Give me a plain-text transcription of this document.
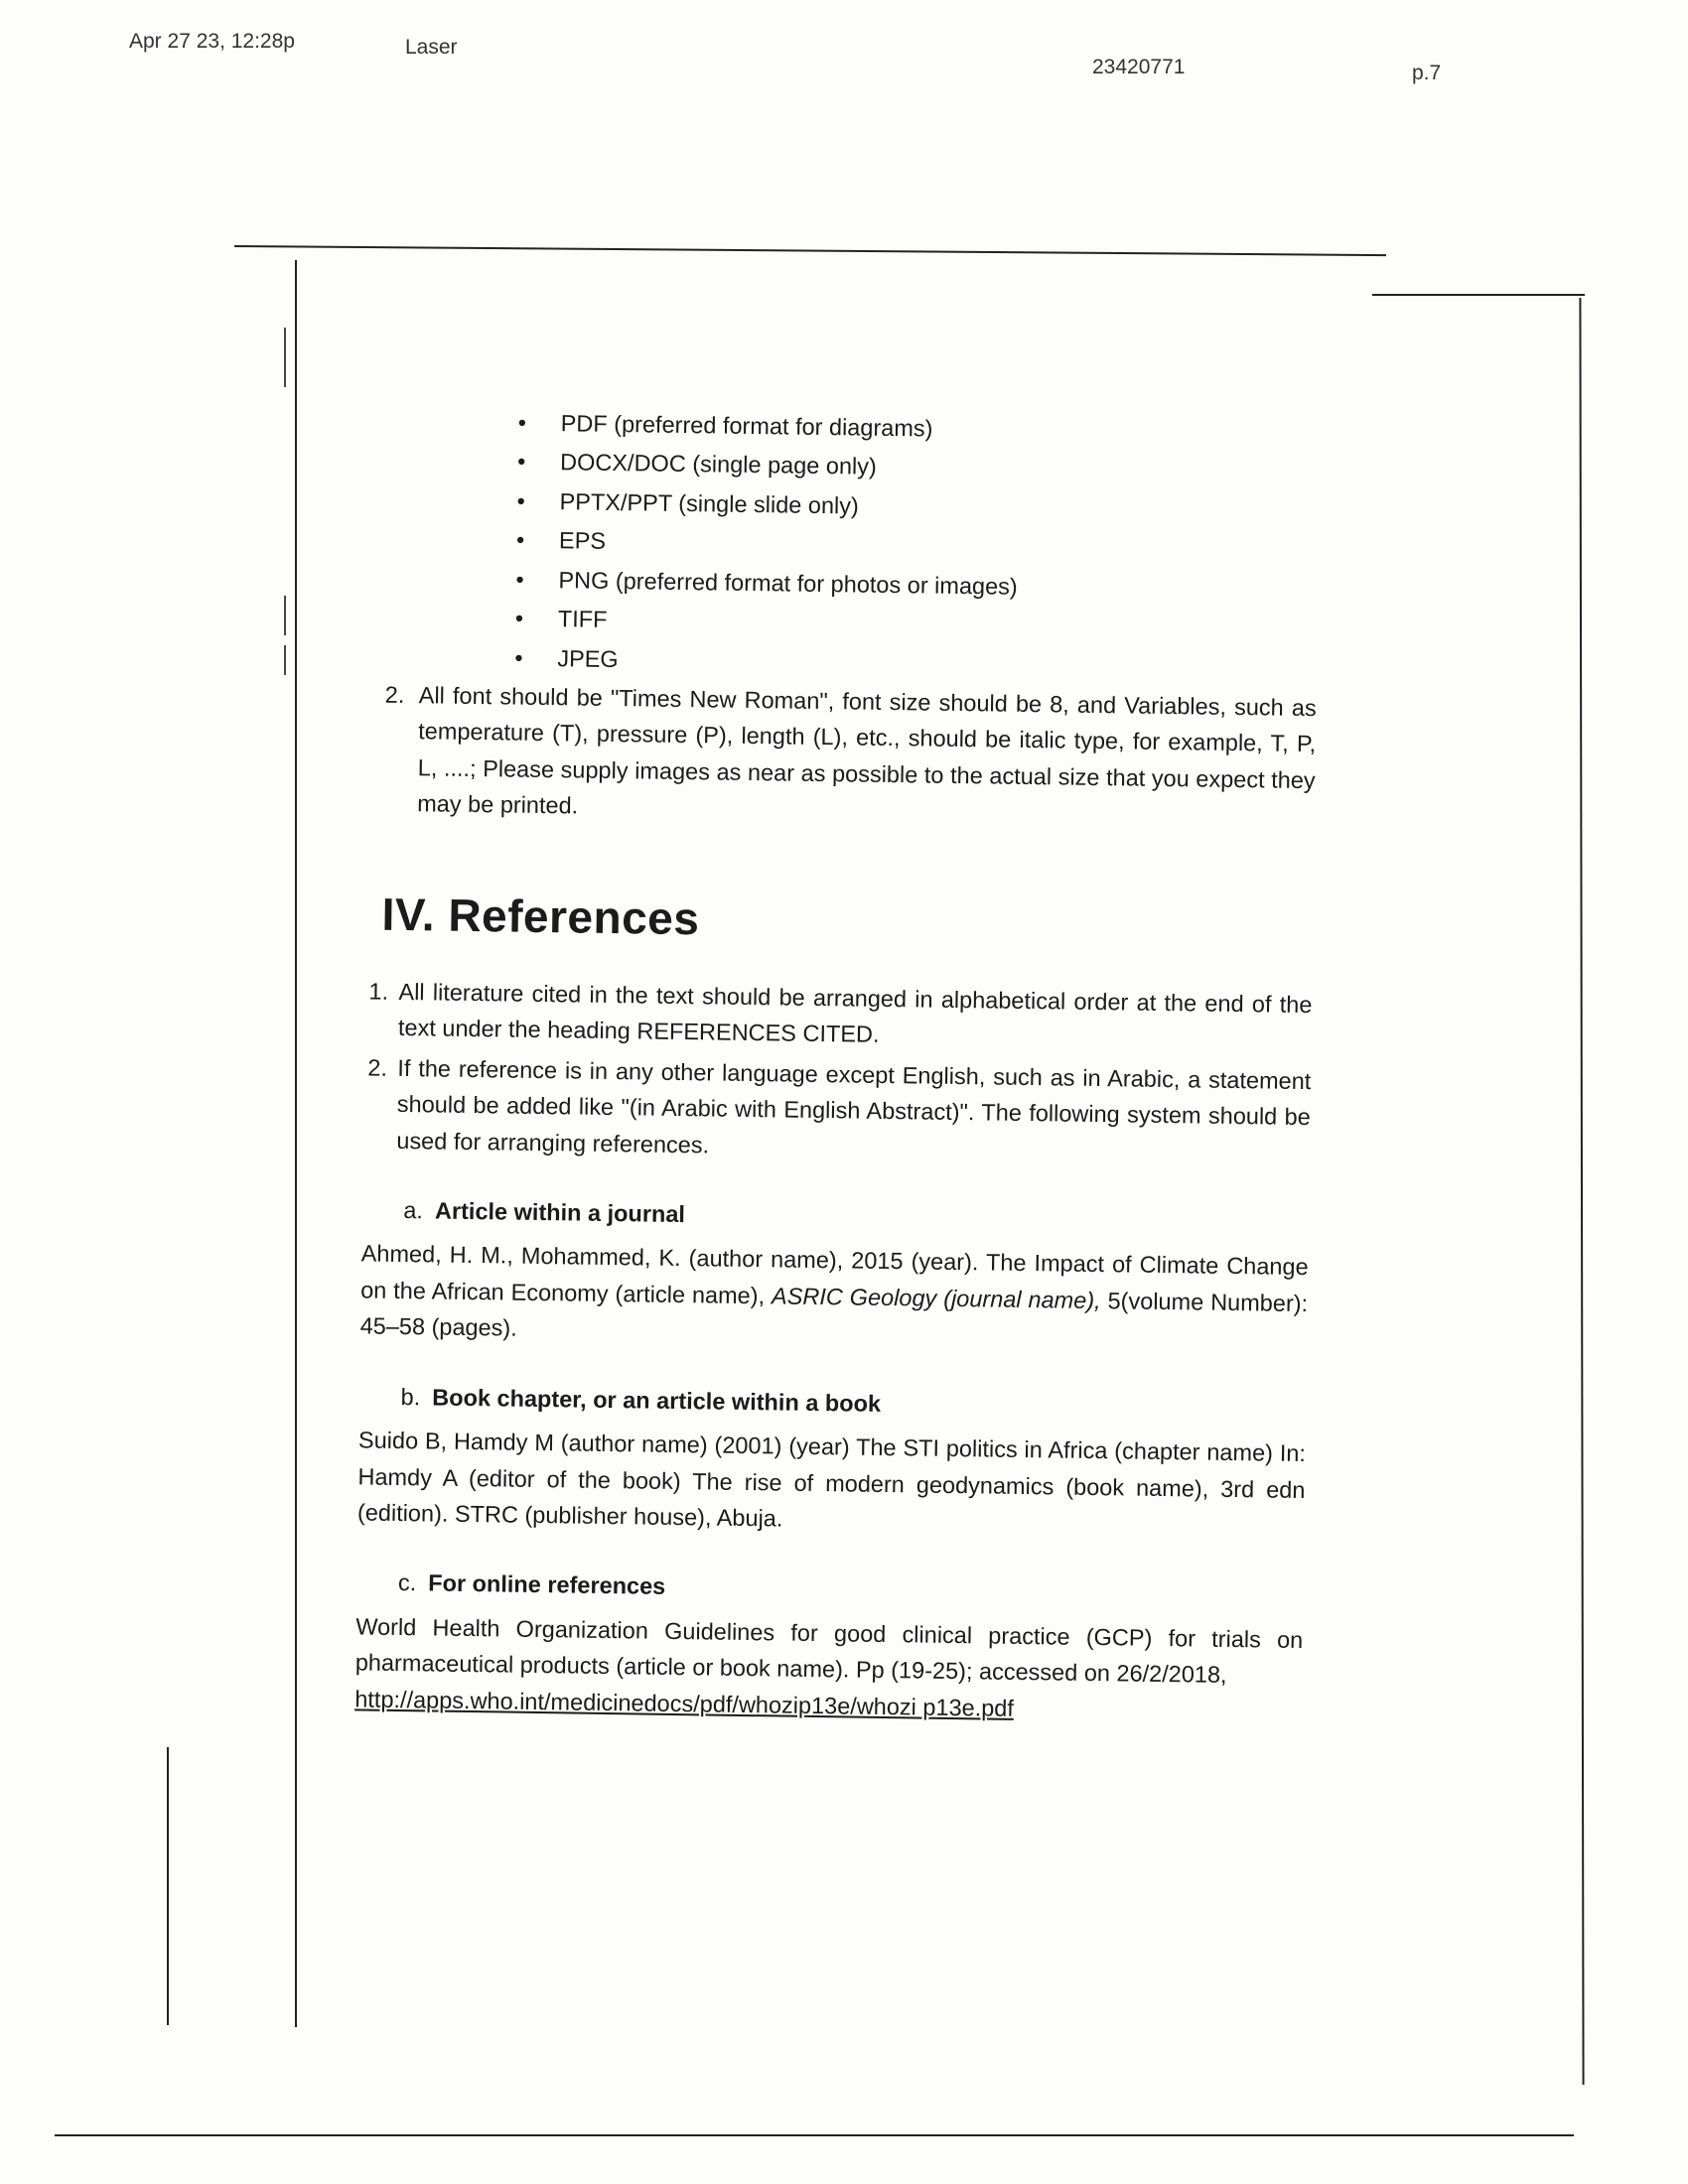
Apr 27 23, 12:28p	Laser
23420771	p.7
• PDF (preferred format for diagrams)
• DOCX/DOC (single page only)
• PPTX/PPT (single slide only)
• EPS
• PNG (preferred format for photos or images)
• TIFF
• JPEG

2. All font should be "Times New Roman", font size should be 8, and Variables, such as temperature (T), pressure (P), length (L), etc., should be italic type, for example, T, P, L, ....; Please supply images as near as possible to the actual size that you expect they may be printed.

IV. References

1. All literature cited in the text should be arranged in alphabetical order at the end of the text under the heading REFERENCES CITED.

2. If the reference is in any other language except English, such as in Arabic, a statement should be added like "(in Arabic with English Abstract)". The following system should be used for arranging references.

a. Article within a journal

Ahmed, H. M., Mohammed, K. (author name), 2015 (year). The Impact of Climate Change on the African Economy (article name), ASRIC Geology (journal name), 5(volume Number): 45–58 (pages).

b. Book chapter, or an article within a book

Suido B, Hamdy M (author name) (2001) (year) The STI politics in Africa (chapter name) In: Hamdy A (editor of the book) The rise of modern geodynamics (book name), 3rd edn (edition). STRC (publisher house), Abuja.

c. For online references

World Health Organization Guidelines for good clinical practice (GCP) for trials on pharmaceutical products (article or book name). Pp (19-25); accessed on 26/2/2018,
http://apps.who.int/medicinedocs/pdf/whozip13e/whozi p13e.pdf
